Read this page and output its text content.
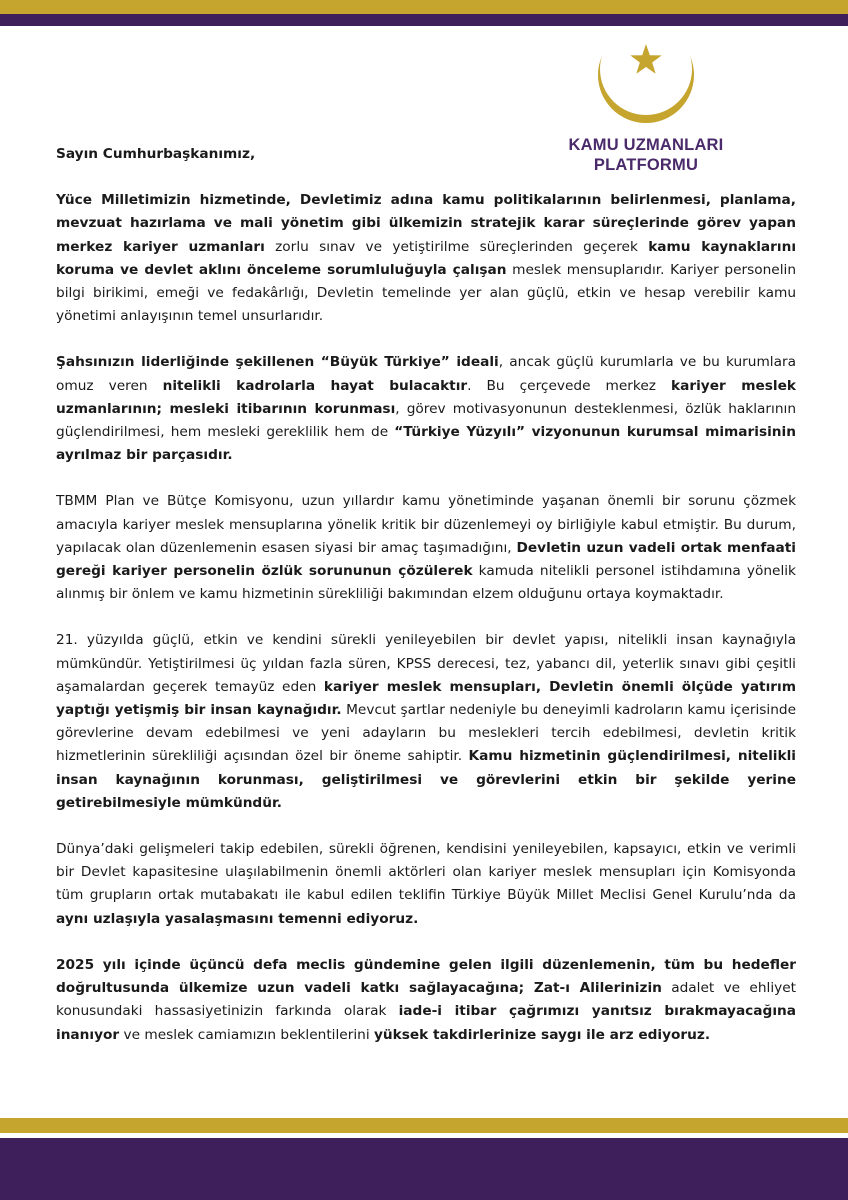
KAMU UZMANLARI
PLATFORMU

Sayın Cumhurbaşkanımız,

Yüce Milletimizin hizmetinde, Devletimiz adına kamu politikalarının belirlenmesi, planlama, mevzuat hazırlama ve mali yönetim gibi ülkemizin stratejik karar süreçlerinde görev yapan merkez kariyer uzmanları zorlu sınav ve yetiştirilme süreçlerinden geçerek kamu kaynaklarını koruma ve devlet aklını önceleme sorumluluğuyla çalışan meslek mensuplarıdır. Kariyer personelin bilgi birikimi, emeği ve fedakârlığı, Devletin temelinde yer alan güçlü, etkin ve hesap verebilir kamu yönetimi anlayışının temel unsurlarıdır.

Şahsınızın liderliğinde şekillenen “Büyük Türkiye” ideali, ancak güçlü kurumlarla ve bu kurumlara omuz veren nitelikli kadrolarla hayat bulacaktır. Bu çerçevede merkez kariyer meslek uzmanlarının; mesleki itibarının korunması, görev motivasyonunun desteklenmesi, özlük haklarının güçlendirilmesi, hem mesleki gereklilik hem de “Türkiye Yüzyılı” vizyonunun kurumsal mimarisinin ayrılmaz bir parçasıdır.

TBMM Plan ve Bütçe Komisyonu, uzun yıllardır kamu yönetiminde yaşanan önemli bir sorunu çözmek amacıyla kariyer meslek mensuplarına yönelik kritik bir düzenlemeyi oy birliğiyle kabul etmiştir. Bu durum, yapılacak olan düzenlemenin esasen siyasi bir amaç taşımadığını, Devletin uzun vadeli ortak menfaati gereği kariyer personelin özlük sorununun çözülerek kamuda nitelikli personel istihdamına yönelik alınmış bir önlem ve kamu hizmetinin sürekliliği bakımından elzem olduğunu ortaya koymaktadır.

21. yüzyılda güçlü, etkin ve kendini sürekli yenileyebilen bir devlet yapısı, nitelikli insan kaynağıyla mümkündür. Yetiştirilmesi üç yıldan fazla süren, KPSS derecesi, tez, yabancı dil, yeterlik sınavı gibi çeşitli aşamalardan geçerek temayüz eden kariyer meslek mensupları, Devletin önemli ölçüde yatırım yaptığı yetişmiş bir insan kaynağıdır. Mevcut şartlar nedeniyle bu deneyimli kadroların kamu içerisinde görevlerine devam edebilmesi ve yeni adayların bu meslekleri tercih edebilmesi, devletin kritik hizmetlerinin sürekliliği açısından özel bir öneme sahiptir. Kamu hizmetinin güçlendirilmesi, nitelikli insan kaynağının korunması, geliştirilmesi ve görevlerini etkin bir şekilde yerine getirebilmesiyle mümkündür.

Dünya’daki gelişmeleri takip edebilen, sürekli öğrenen, kendisini yenileyebilen, kapsayıcı, etkin ve verimli bir Devlet kapasitesine ulaşılabilmenin önemli aktörleri olan kariyer meslek mensupları için Komisyonda tüm grupların ortak mutabakatı ile kabul edilen teklifin Türkiye Büyük Millet Meclisi Genel Kurulu’nda da aynı uzlaşıyla yasalaşmasını temenni ediyoruz.

2025 yılı içinde üçüncü defa meclis gündemine gelen ilgili düzenlemenin, tüm bu hedefler doğrultusunda ülkemize uzun vadeli katkı sağlayacağına; Zat-ı Alilerinizin adalet ve ehliyet konusundaki hassasiyetinizin farkında olarak iade-i itibar çağrımızı yanıtsız bırakmayacağına inanıyor ve meslek camiamızın beklentilerini yüksek takdirlerinize saygı ile arz ediyoruz.
